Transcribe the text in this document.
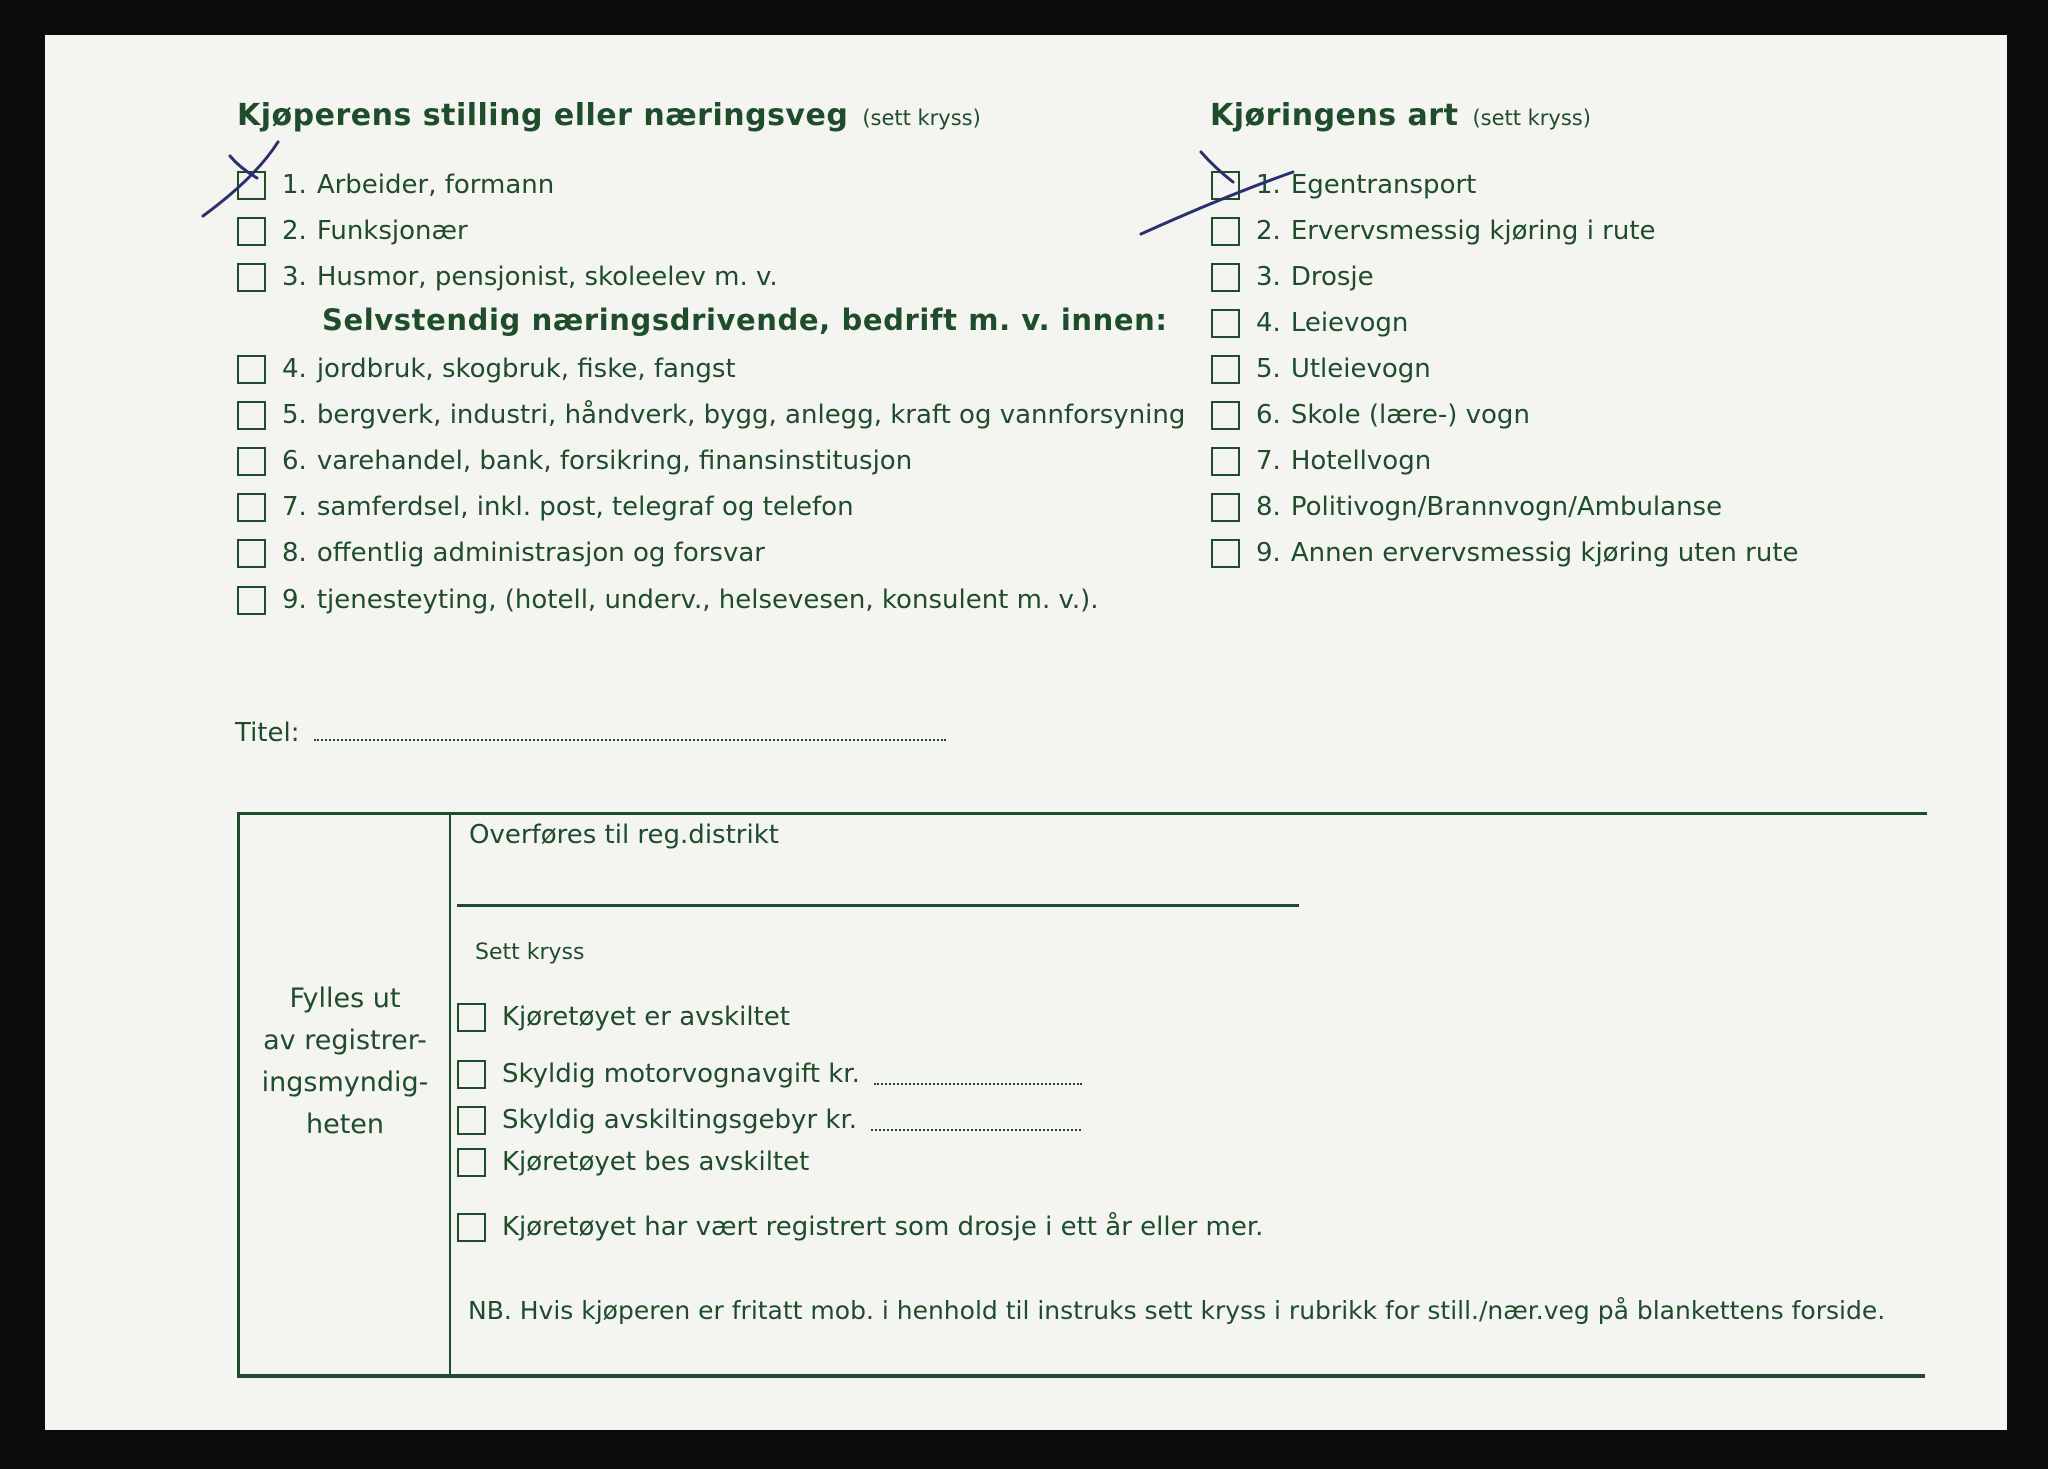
Kjøperens stilling eller næringsveg (sett kryss)	Kjøringens art (sett kryss)
1. Arbeider, formann
2. Funksjonær
3. Husmor, pensjonist, skoleelev m. v.
Selvstendig næringsdrivende, bedrift m. v. innen:
4. jordbruk, skogbruk, fiske, fangst
5. bergverk, industri, håndverk, bygg, anlegg, kraft og vannforsyning
6. varehandel, bank, forsikring, finansinstitusjon
7. samferdsel, inkl. post, telegraf og telefon
8. offentlig administrasjon og forsvar
9. tjenesteyting, (hotell, underv., helsevesen, konsulent m. v.).
1. Egentransport
2. Ervervsmessig kjøring i rute
3. Drosje
4. Leievogn
5. Utleievogn
6. Skole (lære-) vogn
7. Hotellvogn
8. Politivogn/Brannvogn/Ambulanse
9. Annen ervervsmessig kjøring uten rute
Titel:
Fylles ut
av registrer-
ingsmyndig-
heten
Overføres til reg.distrikt
Sett kryss
Kjøretøyet er avskiltet
Skyldig motorvognavgift kr.
Skyldig avskiltingsgebyr kr.
Kjøretøyet bes avskiltet
Kjøretøyet har vært registrert som drosje i ett år eller mer.
NB. Hvis kjøperen er fritatt mob. i henhold til instruks sett kryss i rubrikk for still./nær.veg på blankettens forside.
